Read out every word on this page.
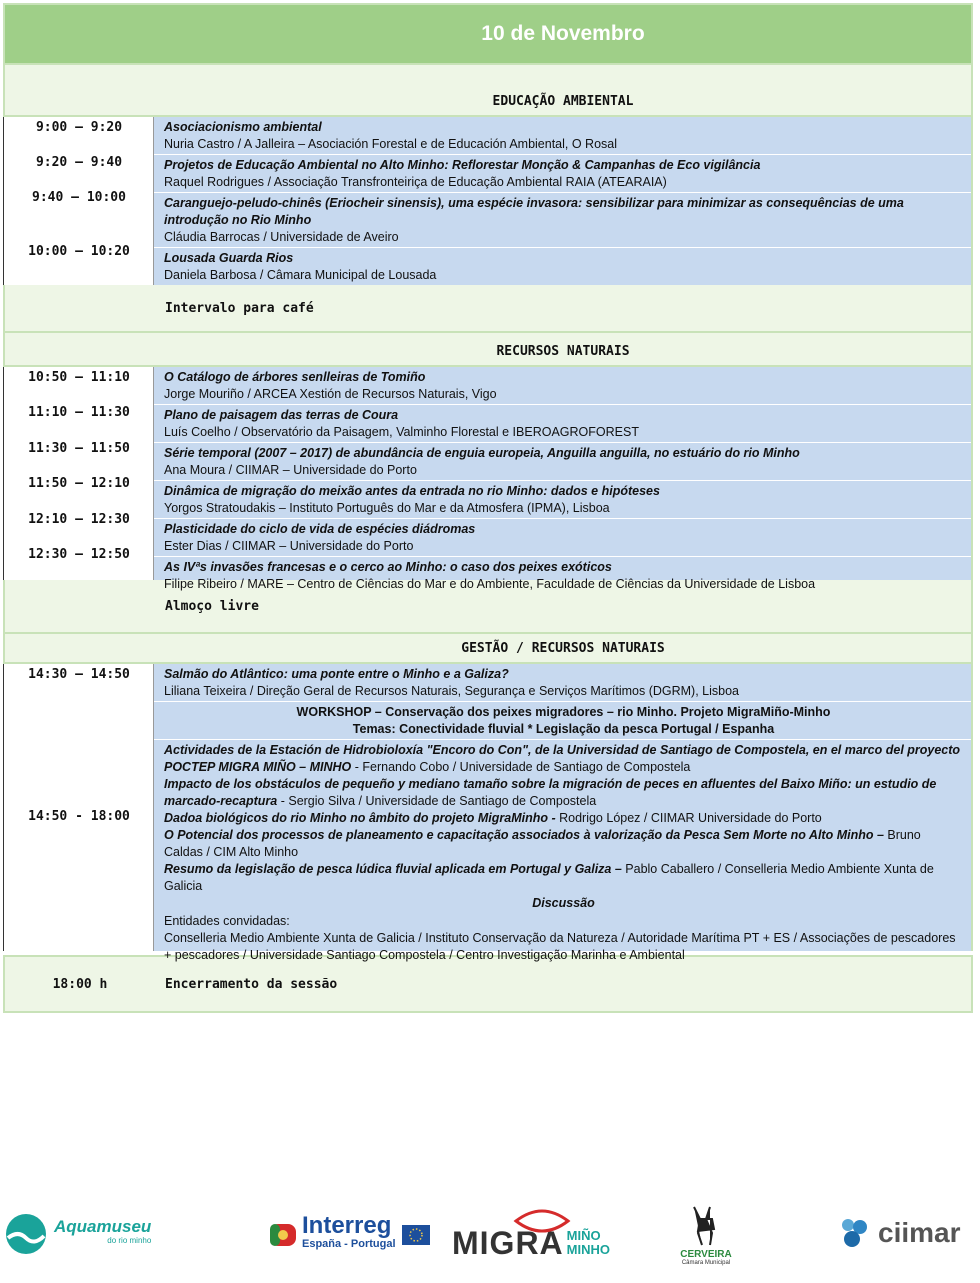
10 de Novembro
EDUCAÇÃO AMBIENTAL
9:00 – 9:20
9:20 – 9:40
9:40 – 10:00
10:00 – 10:20
Asociacionismo ambiental
Nuria Castro / A Jalleira – Asociación Forestal e de Educación Ambiental, O Rosal
Projetos de Educação Ambiental no Alto Minho: Reflorestar Monção & Campanhas de Eco vigilância
Raquel Rodrigues / Associação Transfronteiriça de Educação Ambiental RAIA (ATEARAIA)
Caranguejo-peludo-chinês (Eriocheir sinensis), uma espécie invasora: sensibilizar para minimizar as consequências de uma introdução no Rio Minho
Cláudia Barrocas / Universidade de Aveiro
Lousada Guarda Rios
Daniela Barbosa / Câmara Municipal de Lousada
Intervalo para café
RECURSOS NATURAIS
10:50 – 11:10
11:10 – 11:30
11:30 – 11:50
11:50 – 12:10
12:10 – 12:30
12:30 – 12:50
O Catálogo de árbores senlleiras de Tomiño
Jorge Mouriño / ARCEA Xestión de Recursos Naturais, Vigo
Plano de paisagem das terras de Coura
Luís Coelho / Observatório da Paisagem, Valminho Florestal e IBEROAGROFOREST
Série temporal (2007 – 2017) de abundância de enguia europeia, Anguilla anguilla, no estuário do rio Minho
Ana Moura / CIIMAR – Universidade do Porto
Dinâmica de migração do meixão antes da entrada no rio Minho: dados e hipóteses
Yorgos Stratoudakis – Instituto Português do Mar e da Atmosfera (IPMA), Lisboa
Plasticidade do ciclo de vida de espécies diádromas
Ester Dias / CIIMAR – Universidade do Porto
As IVªs invasões francesas e o cerco ao Minho: o caso dos peixes exóticos
Filipe Ribeiro / MARE – Centro de Ciências do Mar e do Ambiente, Faculdade de Ciências da Universidade de Lisboa
Almoço livre
GESTÃO / RECURSOS NATURAIS
14:30 – 14:50
14:50 - 18:00
Salmão do Atlântico: uma ponte entre o Minho e a Galiza?
Liliana Teixeira / Direção Geral de Recursos Naturais, Segurança e Serviços Marítimos (DGRM), Lisboa
WORKSHOP – Conservação dos peixes migradores – rio Minho. Projeto MigraMiño-Minho
Temas: Conectividade fluvial * Legislação da pesca Portugal / Espanha
Actividades de la Estación de Hidrobioloxía "Encoro do Con", de la Universidad de Santiago de Compostela, en el marco del proyecto POCTEP MIGRA MIÑO – MINHO - Fernando Cobo / Universidade de Santiago de Compostela
Impacto de los obstáculos de pequeño y mediano tamaño sobre la migración de peces en afluentes del Baixo Miño: un estudio de marcado-recaptura - Sergio Silva / Universidade de Santiago de Compostela
Dadoa biológicos do rio Minho no âmbito do projeto MigraMinho - Rodrigo López / CIIMAR Universidade do Porto
O Potencial dos processos de planeamento e capacitação associados à valorização da Pesca Sem Morte no Alto Minho – Bruno Caldas / CIM Alto Minho
Resumo da legislação de pesca lúdica fluvial aplicada em Portugal y Galiza – Pablo Caballero / Conselleria Medio Ambiente Xunta de Galicia
Discussão
Entidades convidadas:
Conselleria Medio Ambiente Xunta de Galicia / Instituto Conservação da Natureza / Autoridade Marítima PT + ES / Associações de pescadores + pescadores / Universidade Santiago Compostela / Centro Investigação Marinha e Ambiental
18:00 h	Encerramento da sessão
Aquamuseu
do rio minho
Interreg
España - Portugal MIGRA MIÑO
MINHO	CERVEIRA
Câmara Municipal
ciimar
